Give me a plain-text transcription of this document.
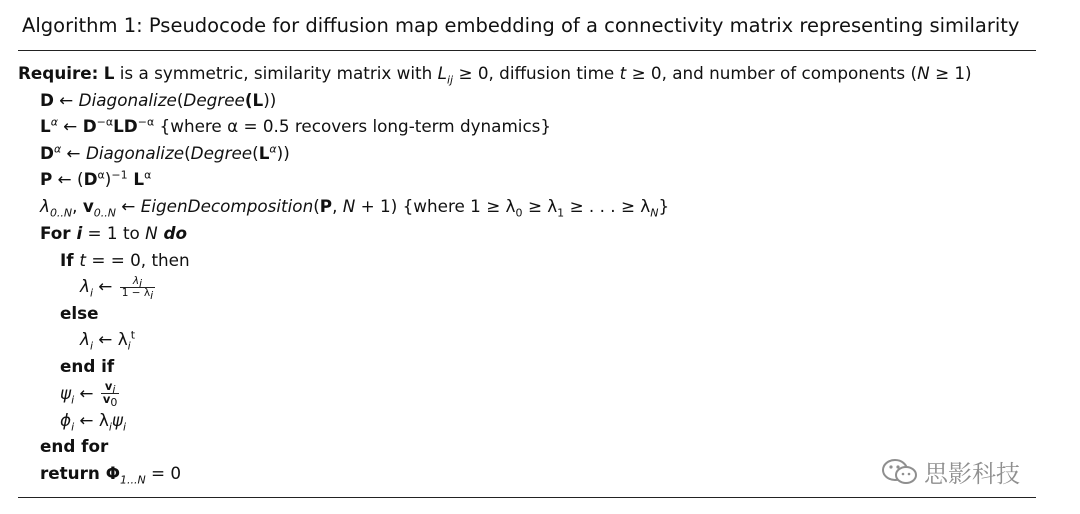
Algorithm 1: Pseudocode for diffusion map embedding of a connectivity matrix representing similarity
Require: L is a symmetric, similarity matrix with $L_{ij} \ge 0$, diffusion time t ≥ 0, and number of components (N ≥ 1)
D ← Diagonalize(Degree(L))
$L^\alpha$ ← $D^{-\alpha}LD^{-\alpha}$ {where α = 0.5 recovers long-term dynamics}
$D^\alpha$ ← $Diagonalize(Degree(L^\alpha))$
P ← $(D^\alpha)^{-1}$ $L^\alpha$
$\lambda_{0..N}$, $v_{0..N}$ ← EigenDecomposition(P, N + 1) {where $1 \ge \lambda_0 \ge \lambda_1$ ≥ . . . ≥ $\lambda_N$}
For i = 1 to N do
If t = = 0, then
$\lambda_i$ ← $\frac{\lambda_i}{1 - \lambda_i}$
else
$\lambda_i$ ← $\lambda_i^t$
end if
$\psi_i$ ← $\frac{v_i}{v_0}$
$\phi_i$ ← $\lambda_i\psi_i$
end for
return $\Phi_{1...N} = 0$	思影科技
